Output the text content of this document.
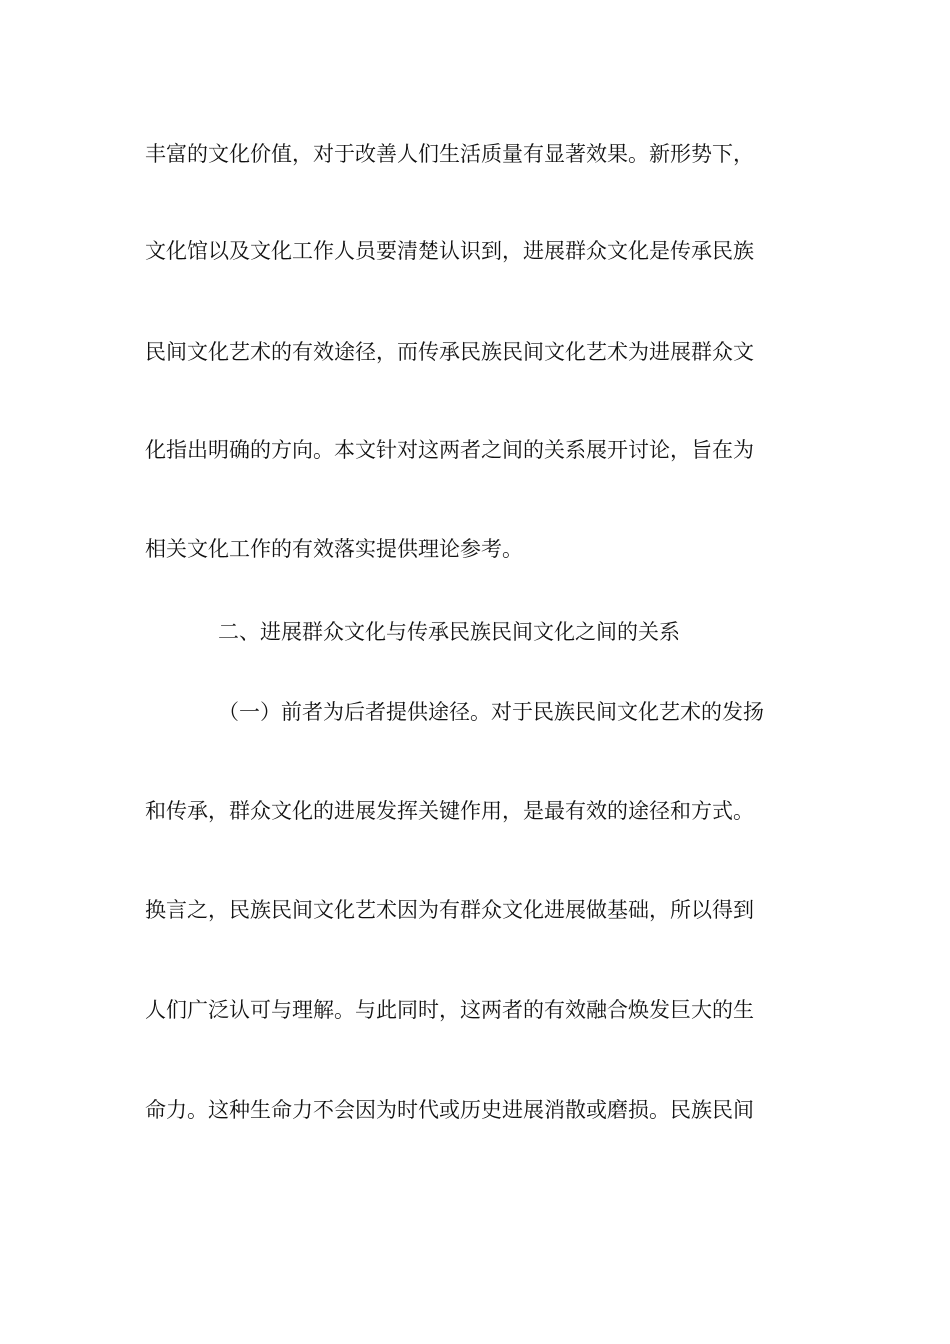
丰富的文化价值，对于改善人们生活质量有显著效果。新形势下，
文化馆以及文化工作人员要清楚认识到，进展群众文化是传承民族
民间文化艺术的有效途径，而传承民族民间文化艺术为进展群众文
化指出明确的方向。本文针对这两者之间的关系展开讨论，旨在为
相关文化工作的有效落实提供理论参考。
二、进展群众文化与传承民族民间文化之间的关系
（一）前者为后者提供途径。对于民族民间文化艺术的发扬
和传承，群众文化的进展发挥关键作用，是最有效的途径和方式。
换言之，民族民间文化艺术因为有群众文化进展做基础，所以得到
人们广泛认可与理解。与此同时，这两者的有效融合焕发巨大的生
命力。这种生命力不会因为时代或历史进展消散或磨损。民族民间
